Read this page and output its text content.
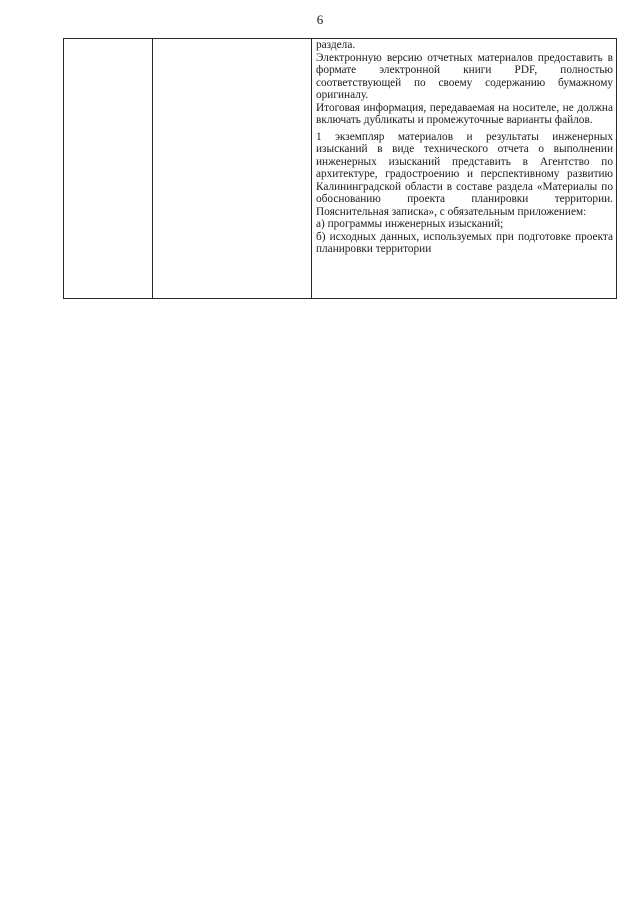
6

раздела.

Электронную версию отчетных материалов предоставить в формате электронной книги PDF, полностью соответствующей по своему содержанию бумажному оригиналу.

Итоговая информация, передаваемая на носителе, не должна включать дубликаты и промежуточные варианты файлов.

1 экземпляр материалов и результаты инженерных изысканий в виде технического отчета о выполнении инженерных изысканий представить в Агентство по архитектуре, градостроению и перспективному развитию Калининградской области в составе раздела «Материалы по обоснованию проекта планировки территории. Пояснительная записка», с обязательным приложением:

а) программы инженерных изысканий;

б) исходных данных, используемых при подготовке проекта планировки территории
